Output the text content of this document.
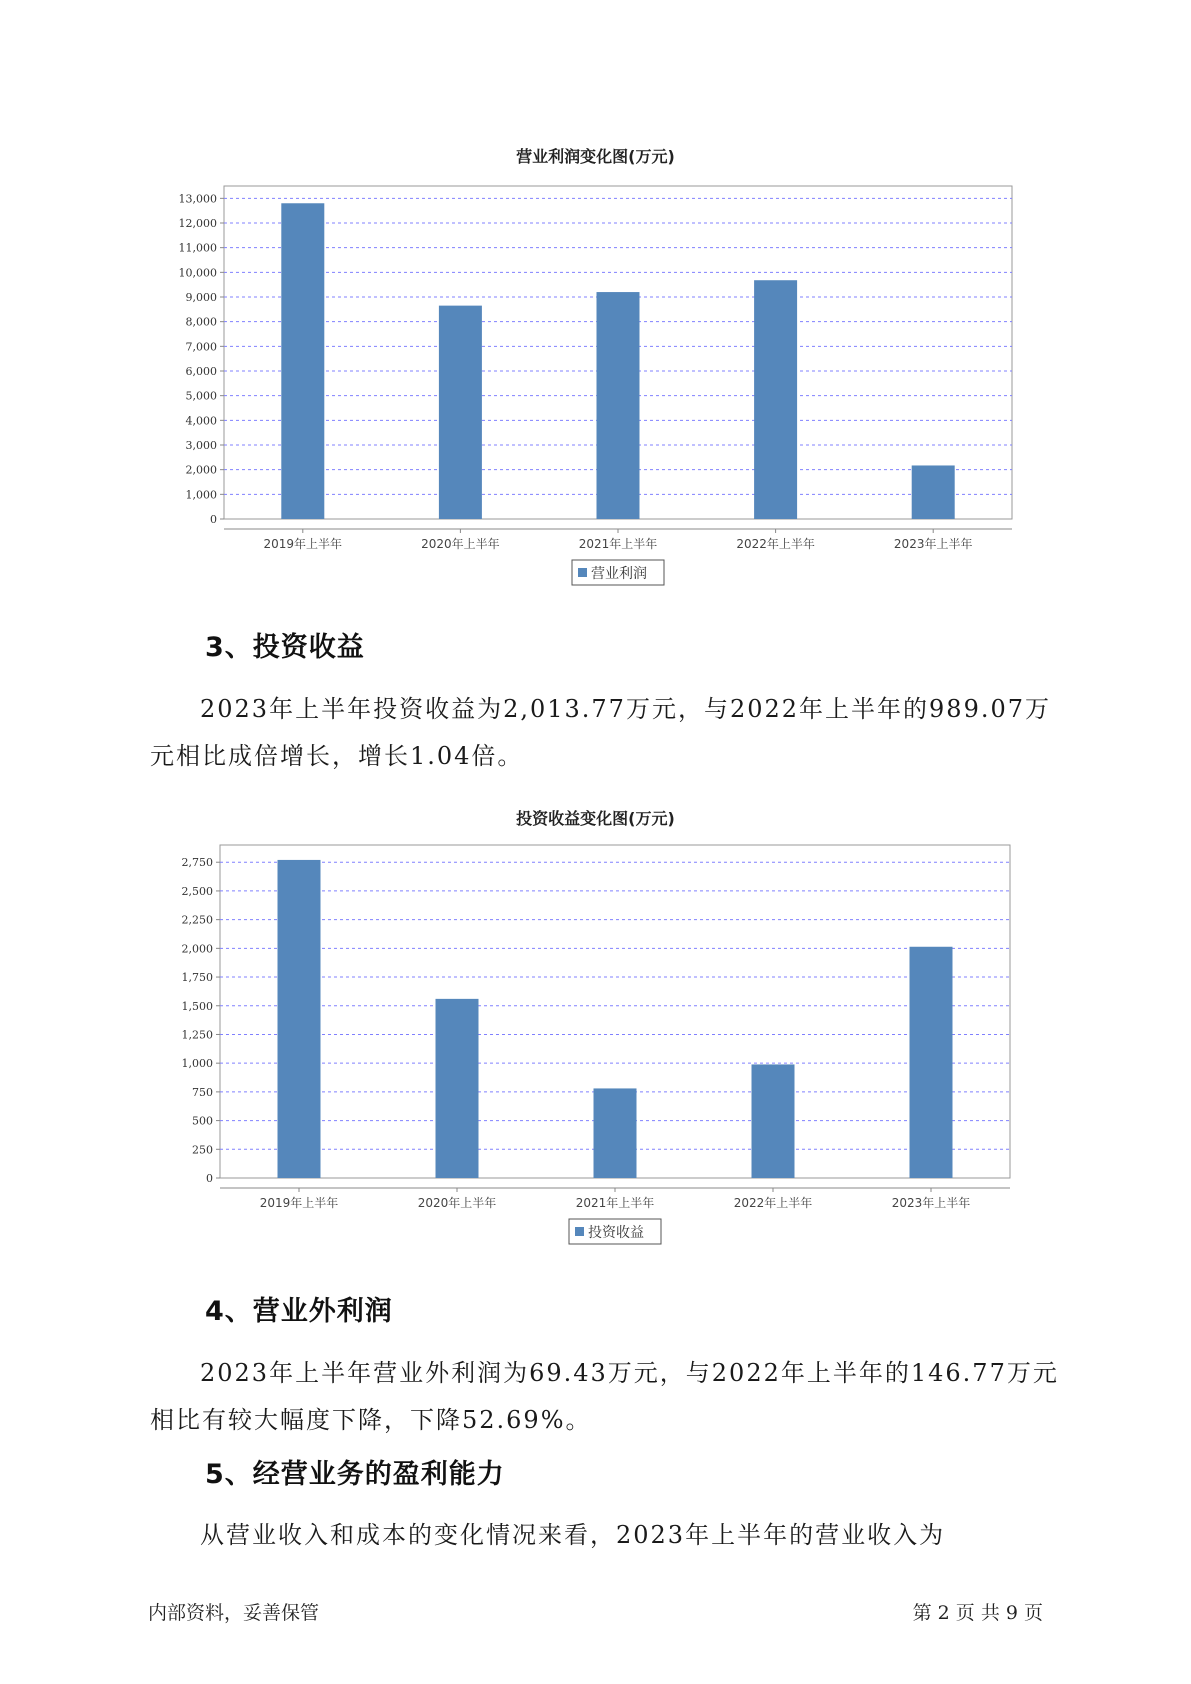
营业利润变化图(万元)
0
1,000
2,000
3,000
4,000
5,000
6,000
7,000
8,000
9,000
10,000
11,000
12,000
13,000
2019年上半年	2020年上半年	2021年上半年	2022年上半年	2023年上半年
营业利润
3、投资收益
2023年上半年投资收益为2,013.77万元，与2022年上半年的989.07万
元相比成倍增长，增长1.04倍。
投资收益变化图(万元)
0
250
500
750
1,000
1,250
1,500
1,750
2,000
2,250
2,500
2,750
2019年上半年	2020年上半年	2021年上半年	2022年上半年	2023年上半年
投资收益
4、营业外利润
2023年上半年营业外利润为69.43万元，与2022年上半年的146.77万元
相比有较大幅度下降，下降52.69%。
5、经营业务的盈利能力
从营业收入和成本的变化情况来看，2023年上半年的营业收入为
内部资料，妥善保管	第 2 页 共 9 页
